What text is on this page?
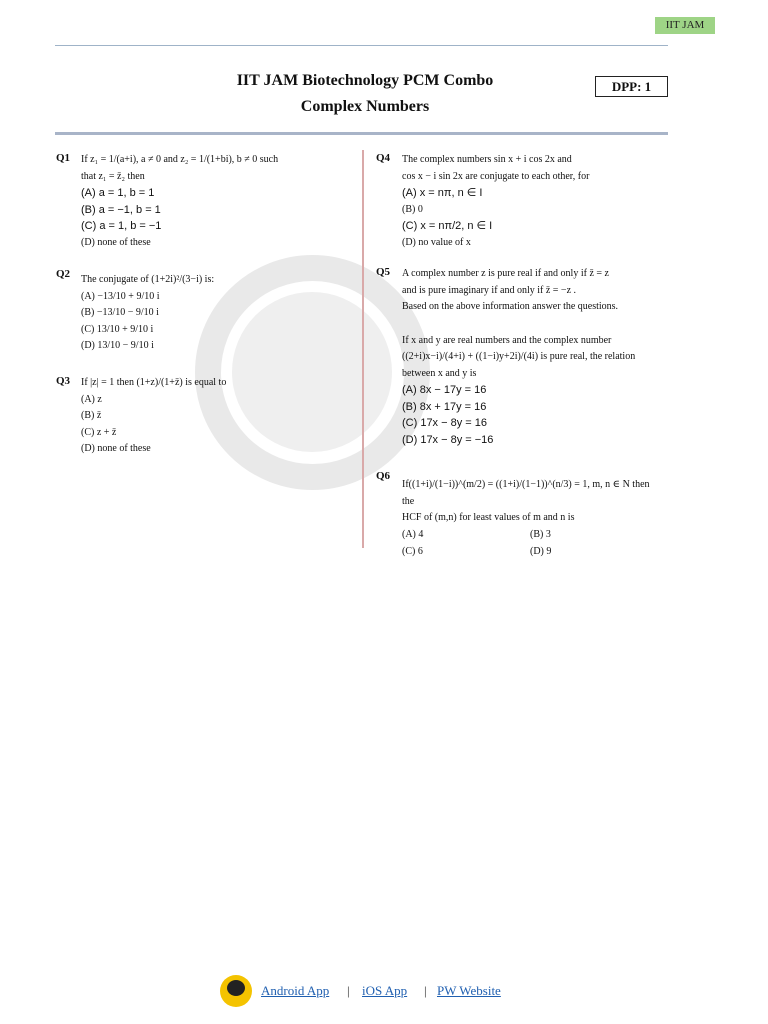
IIT JAM
IIT JAM Biotechnology PCM Combo
Complex Numbers
DPP: 1
Q1 If z₁ = 1/(a+i), a ≠ 0 and z₂ = 1/(1+bi), b ≠ 0 such
that z₁ = z̄₂ then
(A) a = 1, b = 1
(B) a = −1, b = 1
(C) a = 1, b = −1
(D) none of these
Q2 The conjugate of (1+2i)²/(3−i) is:
(A) −13/10 + 9/10 i
(B) −13/10 − 9/10 i
(C) 13/10 + 9/10 i
(D) 13/10 − 9/10 i
Q3 If |z| = 1 then (1+z)/(1+z̄) is equal to
(A) z
(B) z̄
(C) z + z̄
(D) none of these
Q4 The complex numbers sin x + i cos 2x and
cos x − i sin 2x are conjugate to each other, for
(A) x = nπ, n ∈ I
(B) 0
(C) x = nπ/2, n ∈ I
(D) no value of x
Q5 A complex number z is pure real if and only if z̄ = z
and is pure imaginary if and only if z̄ = −z .
Based on the above information answer the questions.
If x and y are real numbers and the complex number
((2+i)x−i)/(4+i) + ((1−i)y+2i)/(4i) is pure real, the relation
between x and y is
(A) 8x − 17y = 16
(B) 8x + 17y = 16
(C) 17x − 8y = 16
(D) 17x − 8y = −16
Q6
If((1+i)/(1−i))^(m/2) = ((1+i)/(1−1))^(n/3) = 1, m, n ∈ N then the
HCF of (m,n) for least values of m and n is
(A) 4	(B) 3
(C) 6	(D) 9
Android App | iOS App | PW Website
